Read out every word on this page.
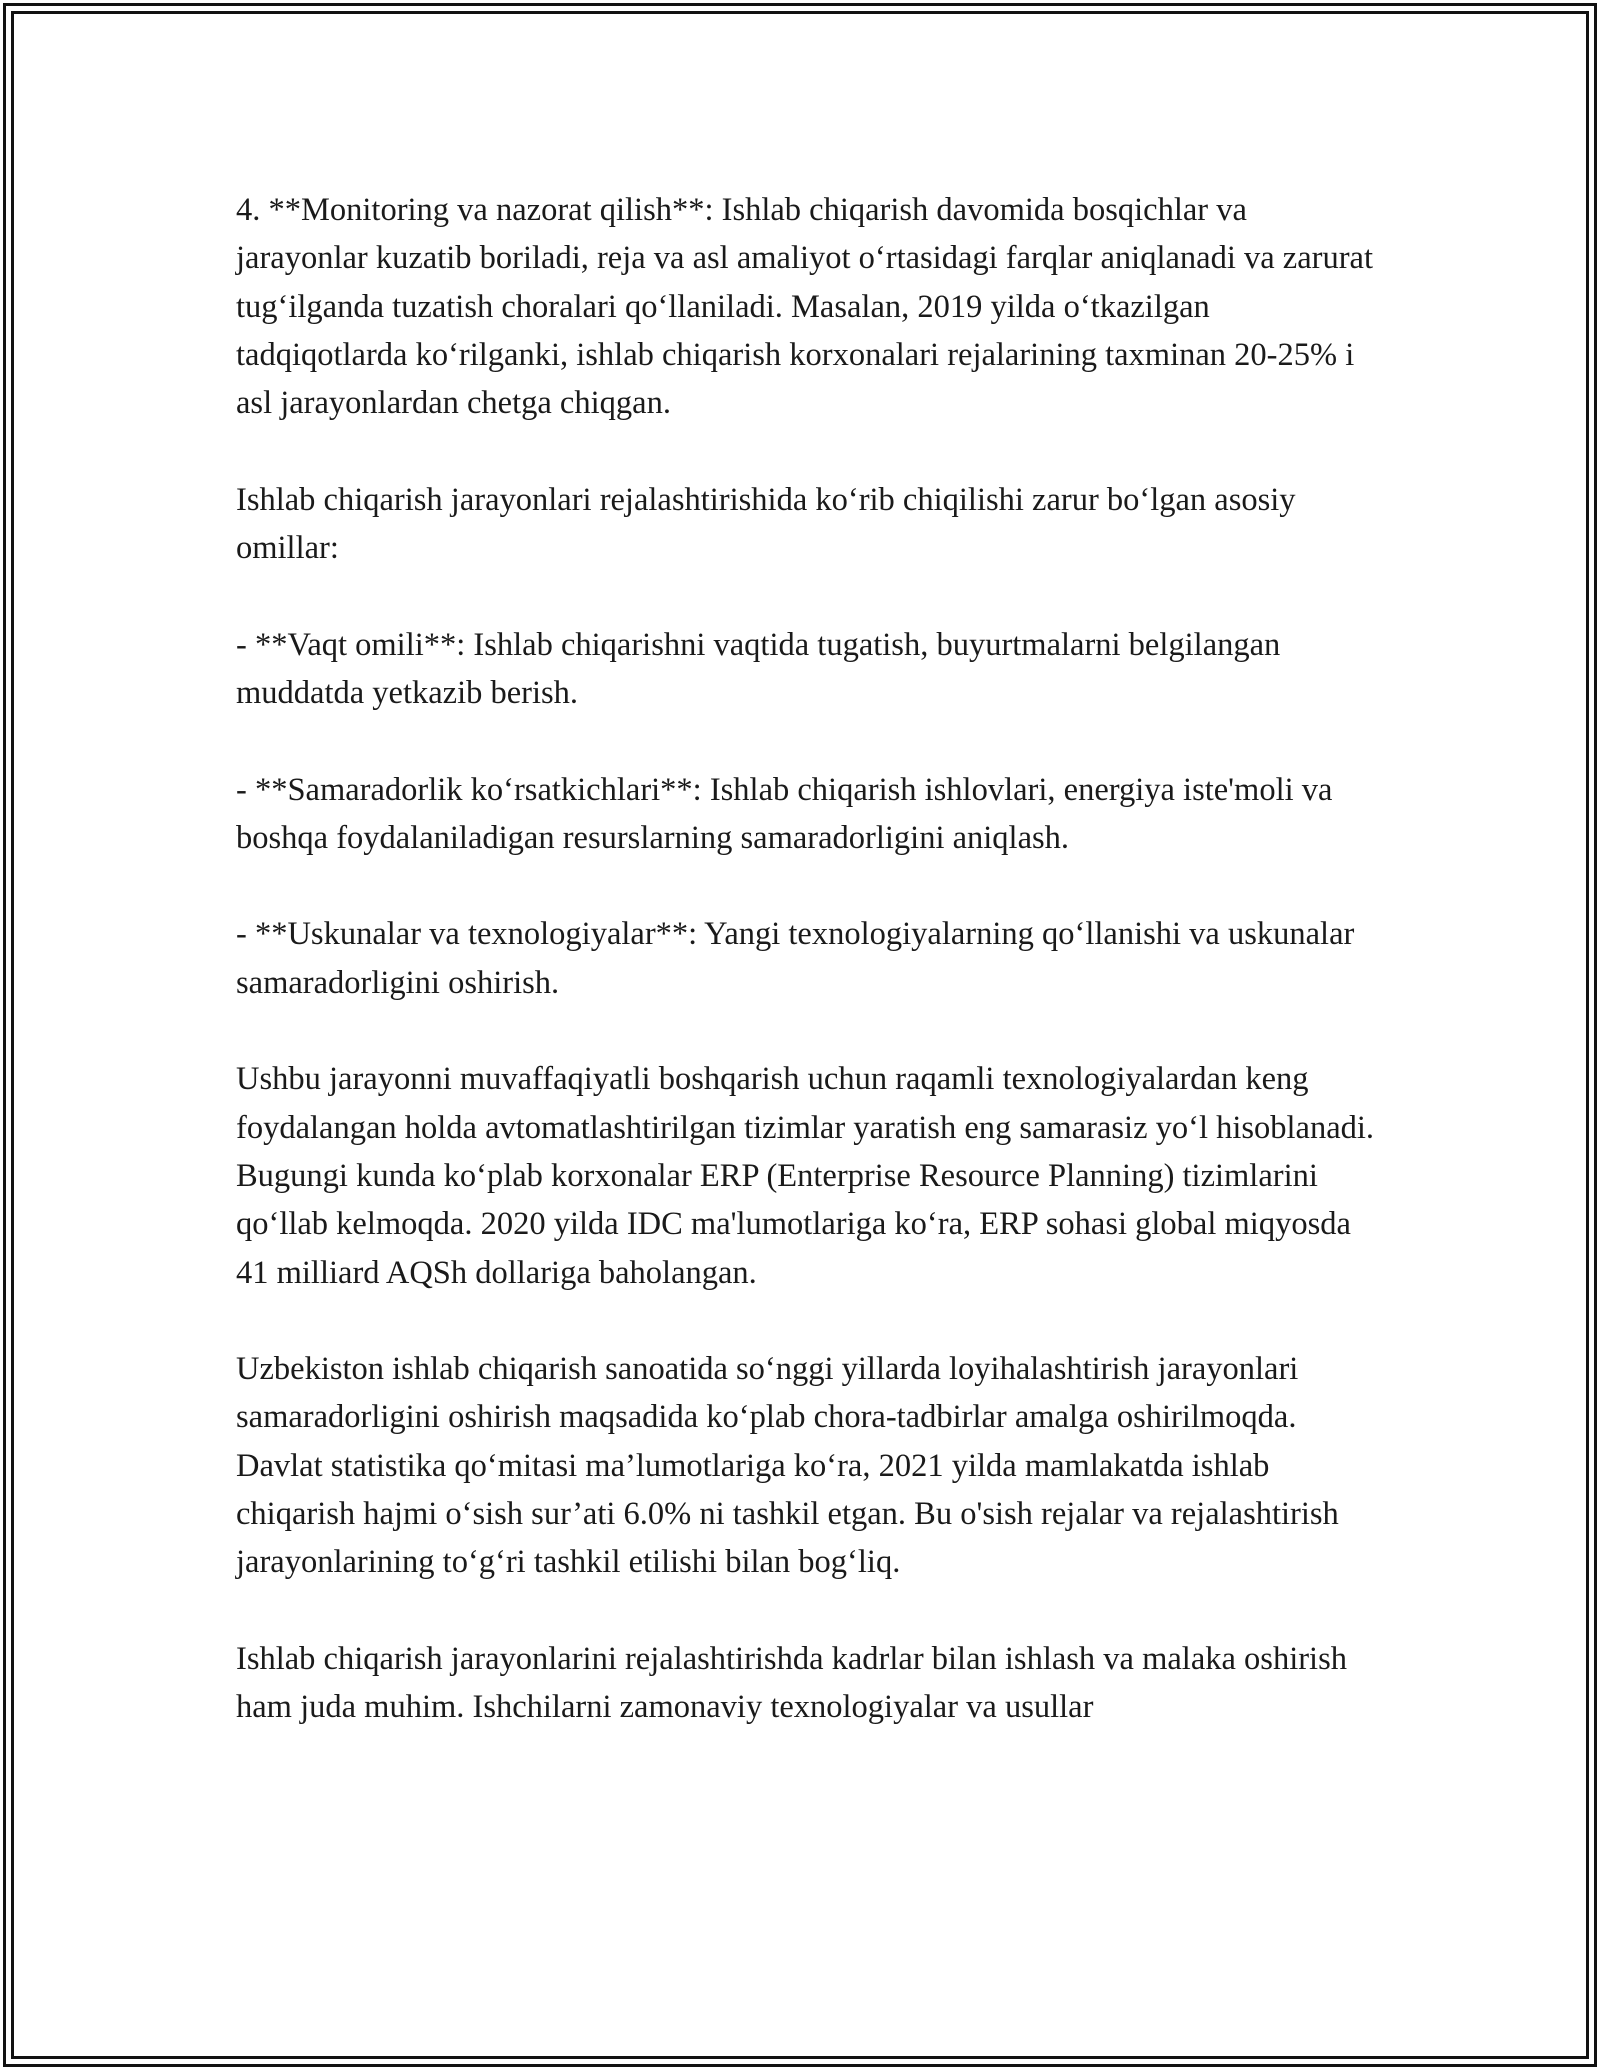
4. **Monitoring va nazorat qilish**: Ishlab chiqarish davomida bosqichlar va jarayonlar kuzatib boriladi, reja va asl amaliyot o‘rtasidagi farqlar aniqlanadi va zarurat tug‘ilganda tuzatish choralari qo‘llaniladi. Masalan, 2019 yilda o‘tkazilgan tadqiqotlarda ko‘rilganki, ishlab chiqarish korxonalari rejalarining taxminan 20-25% i asl jarayonlardan chetga chiqgan.

Ishlab chiqarish jarayonlari rejalashtirishida ko‘rib chiqilishi zarur bo‘lgan asosiy omillar:

- **Vaqt omili**: Ishlab chiqarishni vaqtida tugatish, buyurtmalarni belgilangan muddatda yetkazib berish.

- **Samaradorlik ko‘rsatkichlari**: Ishlab chiqarish ishlovlari, energiya iste'moli va boshqa foydalaniladigan resurslarning samaradorligini aniqlash.

- **Uskunalar va texnologiyalar**: Yangi texnologiyalarning qo‘llanishi va uskunalar samaradorligini oshirish.

Ushbu jarayonni muvaffaqiyatli boshqarish uchun raqamli texnologiyalardan keng foydalangan holda avtomatlashtirilgan tizimlar yaratish eng samarasiz yo‘l hisoblanadi. Bugungi kunda ko‘plab korxonalar ERP (Enterprise Resource Planning) tizimlarini qo‘llab kelmoqda. 2020 yilda IDC ma'lumotlariga ko‘ra, ERP sohasi global miqyosda 41 milliard AQSh dollariga baholangan.

Uzbekiston ishlab chiqarish sanoatida so‘nggi yillarda loyihalashtirish jarayonlari samaradorligini oshirish maqsadida ko‘plab chora-tadbirlar amalga oshirilmoqda. Davlat statistika qo‘mitasi ma’lumotlariga ko‘ra, 2021 yilda mamlakatda ishlab chiqarish hajmi o‘sish sur’ati 6.0% ni tashkil etgan. Bu o'sish rejalar va rejalashtirish jarayonlarining to‘g‘ri tashkil etilishi bilan bog‘liq.

Ishlab chiqarish jarayonlarini rejalashtirishda kadrlar bilan ishlash va malaka oshirish ham juda muhim. Ishchilarni zamonaviy texnologiyalar va usullar
